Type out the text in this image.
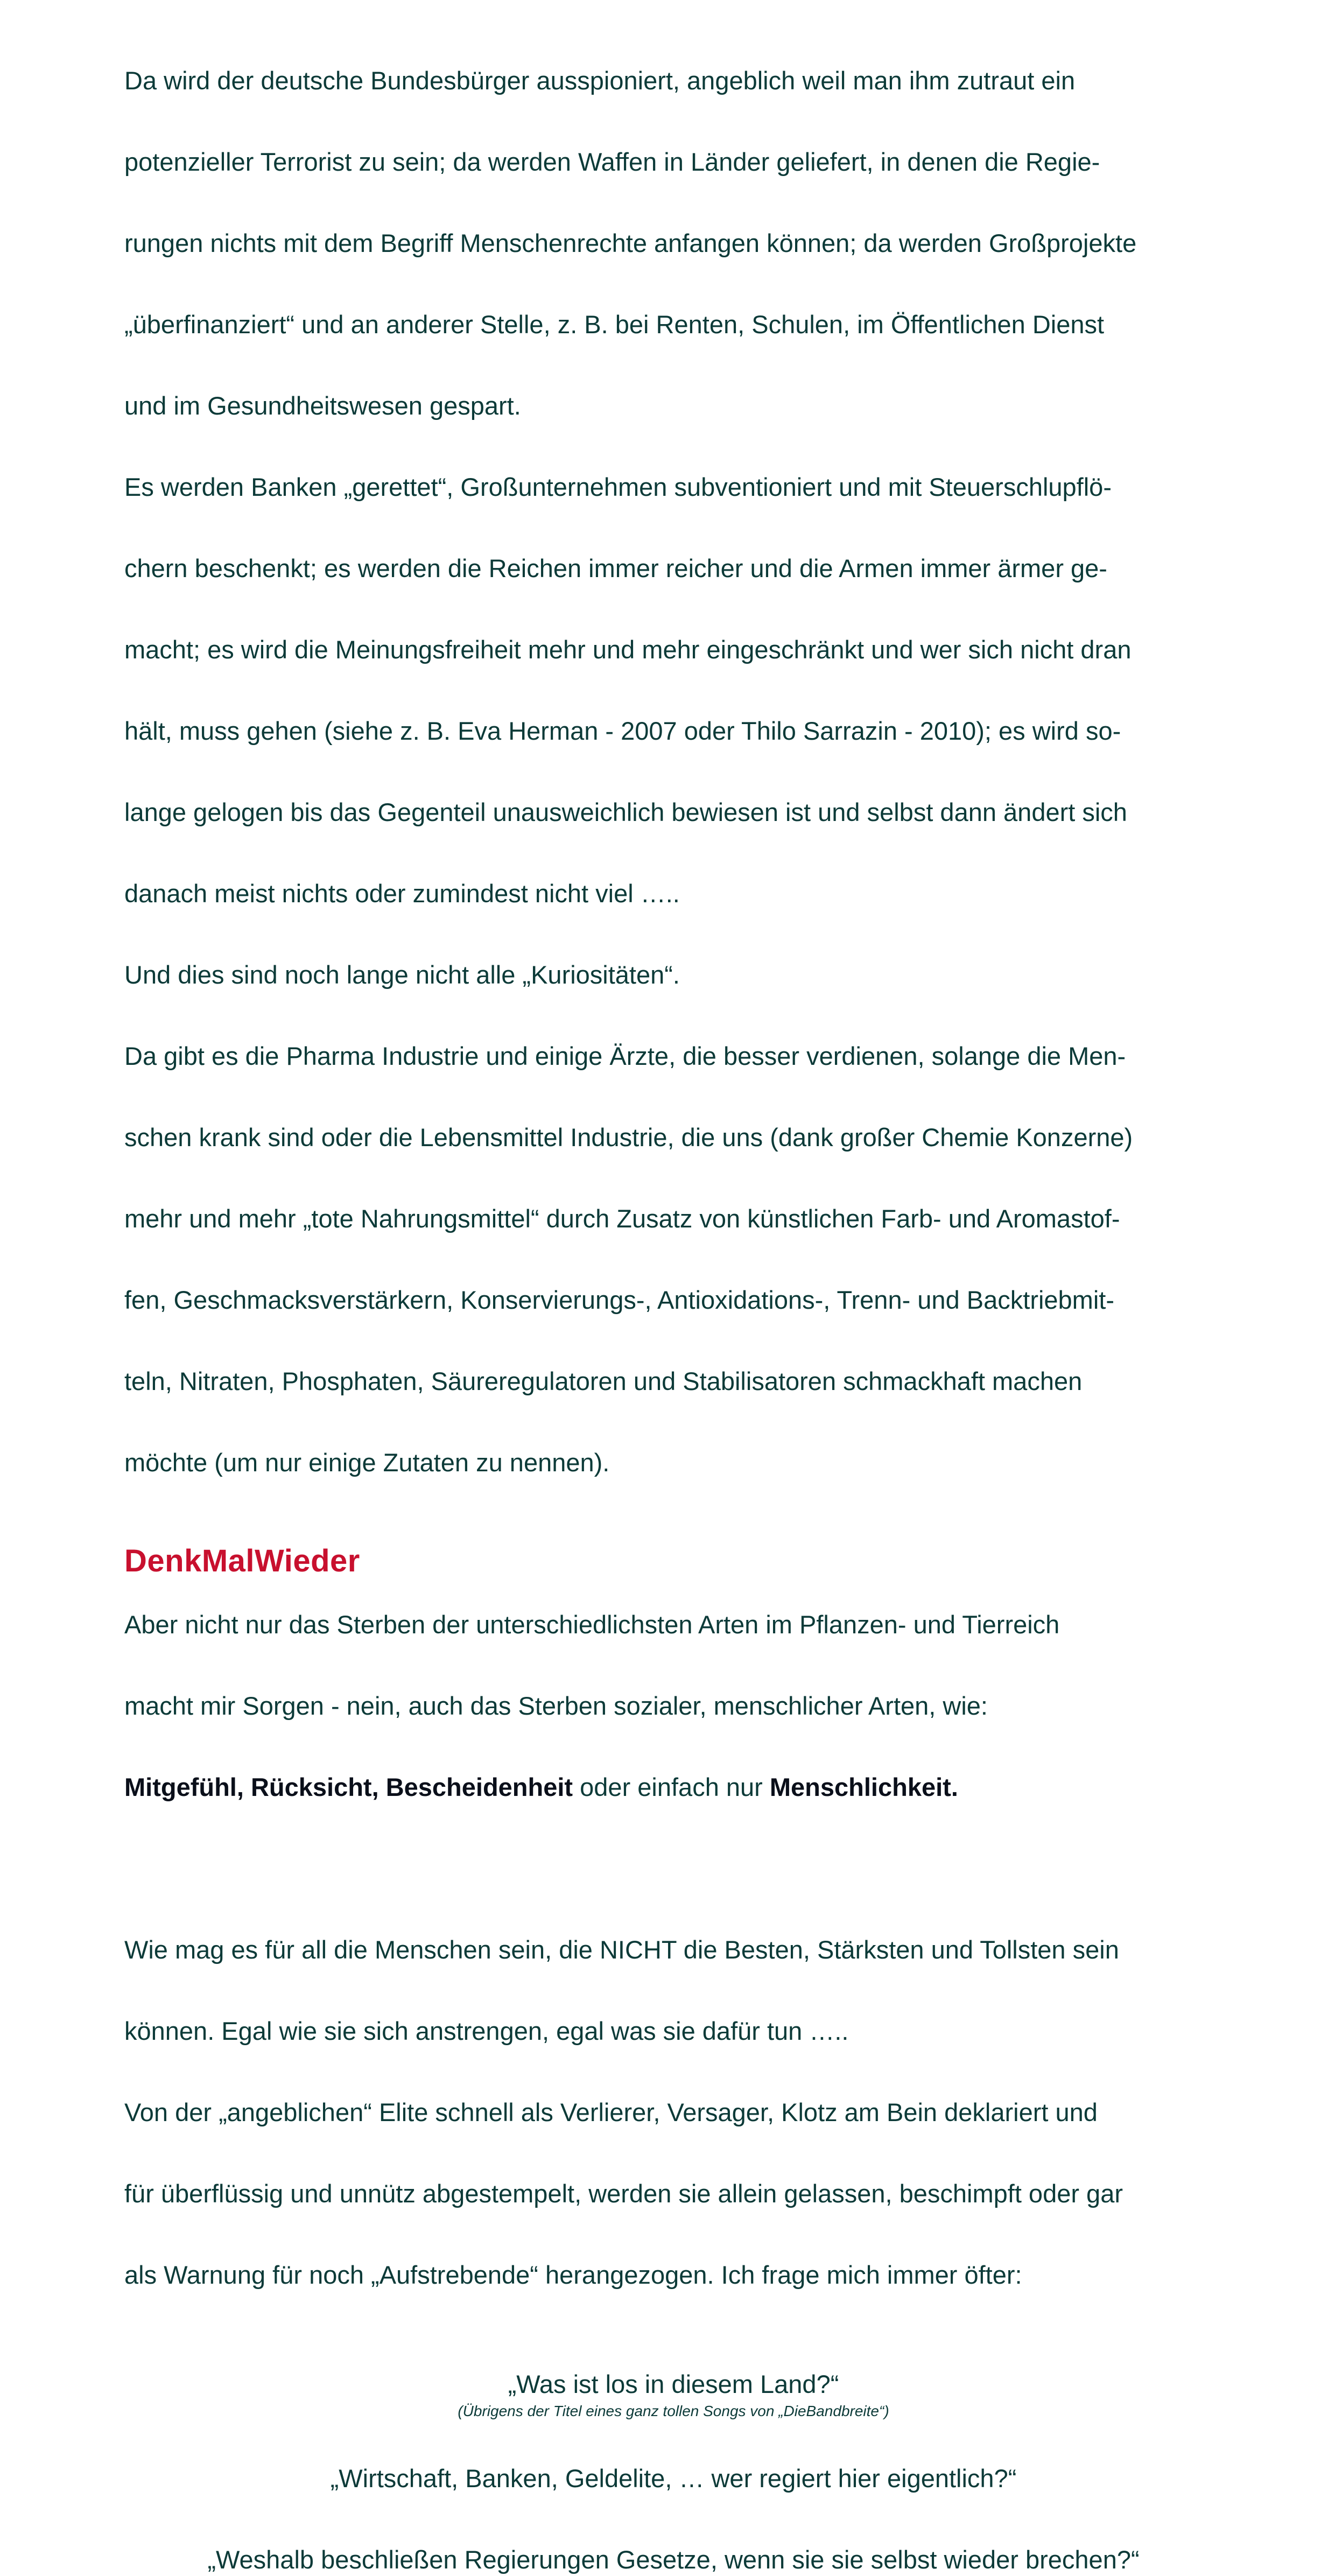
Da wird der deutsche Bundesbürger ausspioniert, angeblich weil man ihm zutraut ein

potenzieller Terrorist zu sein; da werden Waffen in Länder geliefert, in denen die Regie-

rungen nichts mit dem Begriff Menschenrechte anfangen können; da werden Großprojekte

„überfinanziert“ und an anderer Stelle, z. B. bei Renten, Schulen, im Öffentlichen Dienst

und im Gesundheitswesen gespart.

Es werden Banken „gerettet“, Großunternehmen subventioniert und mit Steuerschlupflö-

chern beschenkt; es werden die Reichen immer reicher und die Armen immer ärmer ge-

macht; es wird die Meinungsfreiheit mehr und mehr eingeschränkt und wer sich nicht dran

hält, muss gehen (siehe z. B. Eva Herman - 2007 oder Thilo Sarrazin - 2010); es wird so-

lange gelogen bis das Gegenteil unausweichlich bewiesen ist und selbst dann ändert sich

danach meist nichts oder zumindest nicht viel …..

Und dies sind noch lange nicht alle „Kuriositäten“.

Da gibt es die Pharma Industrie und einige Ärzte, die besser verdienen, solange die Men-

schen krank sind oder die Lebensmittel Industrie, die uns (dank großer Chemie Konzerne)

mehr und mehr „tote Nahrungsmittel“ durch Zusatz von künstlichen Farb- und Aromastof-

fen, Geschmacksverstärkern, Konservierungs-, Antioxidations-, Trenn- und Backtriebmit-

teln, Nitraten, Phosphaten, Säureregulatoren und Stabilisatoren schmackhaft machen

möchte (um nur einige Zutaten zu nennen).

Aber nicht nur das Sterben der unterschiedlichsten Arten im Pflanzen- und Tierreich

macht mir Sorgen - nein, auch das Sterben sozialer, menschlicher Arten, wie:

Mitgefühl, Rücksicht, Bescheidenheit oder einfach nur Menschlichkeit.

Wie mag es für all die Menschen sein, die NICHT die Besten, Stärksten und Tollsten sein

können. Egal wie sie sich anstrengen, egal was sie dafür tun …..

Von der „angeblichen“ Elite schnell als Verlierer, Versager, Klotz am Bein deklariert und

für überflüssig und unnütz abgestempelt, werden sie allein gelassen, beschimpft oder gar

als Warnung für noch „Aufstrebende“ herangezogen. Ich frage mich immer öfter:

„Was ist los in diesem Land?“
(Übrigens der Titel eines ganz tollen Songs von „DieBandbreite“)
„Wirtschaft, Banken, Geldelite, … wer regiert hier eigentlich?“
„Weshalb beschließen Regierungen Gesetze, wenn sie sie selbst wieder brechen?“
DenkMalWieder
